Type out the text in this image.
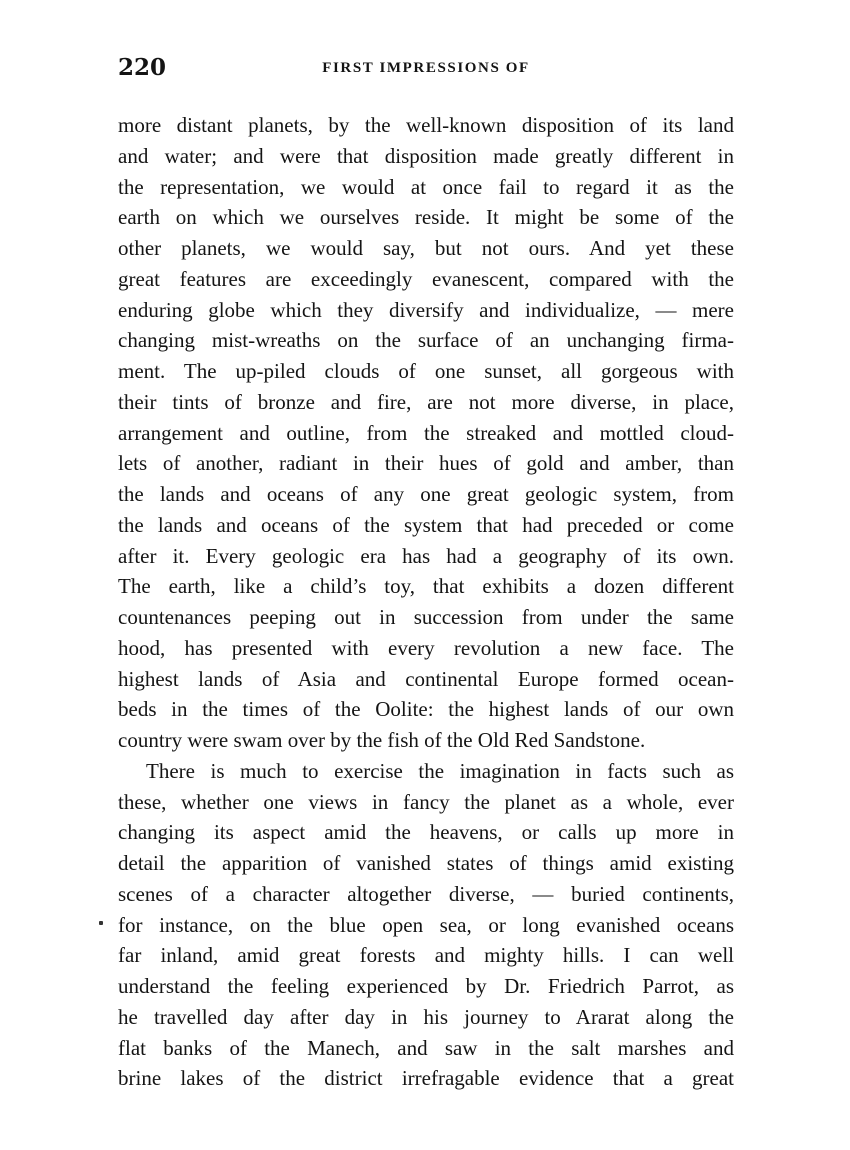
220	FIRST IMPRESSIONS OF
more distant planets, by the well-known disposition of its land
and water; and were that disposition made greatly different in
the representation, we would at once fail to regard it as the
earth on which we ourselves reside. It might be some of the
other planets, we would say, but not ours. And yet these
great features are exceedingly evanescent, compared with the
enduring globe which they diversify and individualize, — mere
changing mist-wreaths on the surface of an unchanging firma-
ment. The up-piled clouds of one sunset, all gorgeous with
their tints of bronze and fire, are not more diverse, in place,
arrangement and outline, from the streaked and mottled cloud-
lets of another, radiant in their hues of gold and amber, than
the lands and oceans of any one great geologic system, from
the lands and oceans of the system that had preceded or come
after it. Every geologic era has had a geography of its own.
The earth, like a child’s toy, that exhibits a dozen different
countenances peeping out in succession from under the same
hood, has presented with every revolution a new face. The
highest lands of Asia and continental Europe formed ocean-
beds in the times of the Oolite: the highest lands of our own
country were swam over by the fish of the Old Red Sandstone.
There is much to exercise the imagination in facts such as
these, whether one views in fancy the planet as a whole, ever
changing its aspect amid the heavens, or calls up more in
detail the apparition of vanished states of things amid existing
scenes of a character altogether diverse, — buried continents,
for instance, on the blue open sea, or long evanished oceans
far inland, amid great forests and mighty hills. I can well
understand the feeling experienced by Dr. Friedrich Parrot, as
he travelled day after day in his journey to Ararat along the
flat banks of the Manech, and saw in the salt marshes and
brine lakes of the district irrefragable evidence that a great
